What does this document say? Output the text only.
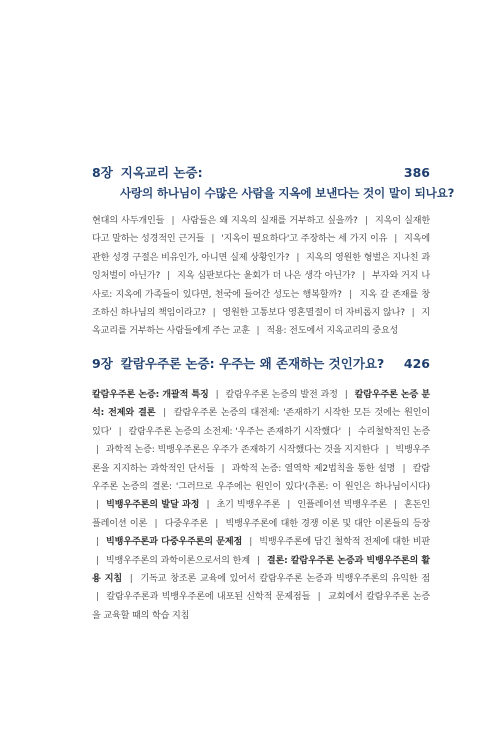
8장 지옥교리 논증:	386
사랑의 하나님이 수많은 사람을 지옥에 보낸다는 것이 말이 되나요?

현대의 사두개인들 | 사람들은 왜 지옥의 실재를 거부하고 싶을까? | 지옥이 실재한다고 말하는 성경적인 근거들 | '지옥이 필요하다'고 주장하는 세 가지 이유 | 지옥에 관한 성경 구절은 비유인가, 아니면 실제 상황인가? | 지옥의 영원한 형벌은 지나친 과잉처벌이 아닌가? | 지옥 심판보다는 윤회가 더 나은 생각 아닌가? | 부자와 거지 나사로: 지옥에 가족들이 있다면, 천국에 들어간 성도는 행복할까? | 지옥 갈 존재를 창조하신 하나님의 책임이라고? | 영원한 고통보다 영혼멸절이 더 자비롭지 않나? | 지옥교리를 거부하는 사람들에게 주는 교훈 | 적용: 전도에서 지옥교리의 중요성

9장 칼람우주론 논증: 우주는 왜 존재하는 것인가요?	426

칼람우주론 논증: 개괄적 특징 | 칼람우주론 논증의 발전 과정 | 칼람우주론 논증 분석: 전제와 결론 | 칼람우주론 논증의 대전제: '존재하기 시작한 모든 것에는 원인이 있다' | 칼람우주론 논증의 소전제: '우주는 존재하기 시작했다' | 수리철학적인 논증 | 과학적 논증: 빅뱅우주론은 우주가 존재하기 시작했다는 것을 지지한다 | 빅뱅우주론을 지지하는 과학적인 단서들 | 과학적 논증: 열역학 제2법칙을 통한 설명 | 칼람우주론 논증의 결론: '그러므로 우주에는 원인이 있다'(추론: 이 원인은 하나님이시다) | 빅뱅우주론의 발달 과정 | 초기 빅뱅우주론 | 인플레이션 빅뱅우주론 | 혼돈인플레이션 이론 | 다중우주론 | 빅뱅우주론에 대한 경쟁 이론 및 대안 이론들의 등장 | 빅뱅우주론과 다중우주론의 문제점 | 빅뱅우주론에 담긴 철학적 전제에 대한 비판 | 빅뱅우주론의 과학이론으로서의 한계 | 결론: 칼람우주론 논증과 빅뱅우주론의 활용 지침 | 기독교 창조론 교육에 있어서 칼람우주론 논증과 빅뱅우주론의 유익한 점 | 칼람우주론과 빅뱅우주론에 내포된 신학적 문제점들 | 교회에서 칼람우주론 논증을 교육할 때의 학습 지침
